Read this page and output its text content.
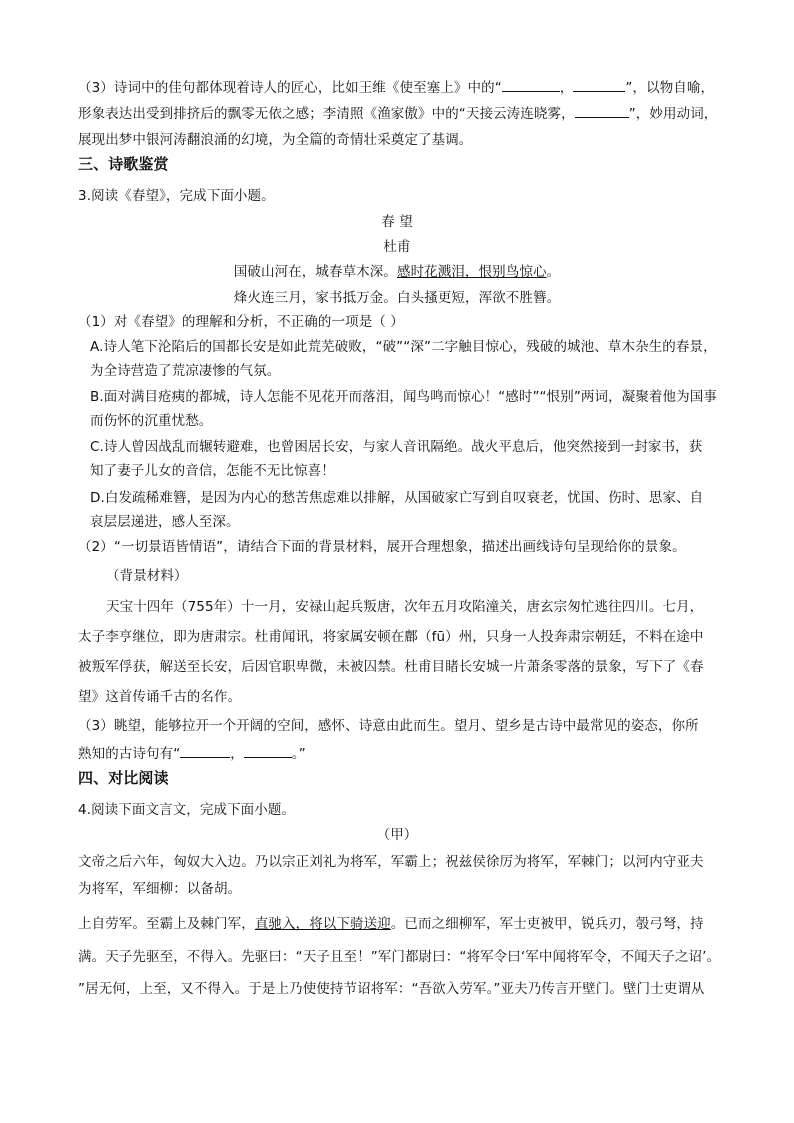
（3）诗词中的佳句都体现着诗人的匠心，比如王维《使至塞上》中的“	，	”，以物自喻，
形象表达出受到排挤后的飘零无依之感；李清照《渔家傲》中的“天接云涛连晓雾，	”，妙用动词，
展现出梦中银河涛翻浪涌的幻境，为全篇的奇情壮采奠定了基调。
三、诗歌鉴赏
3.阅读《春望》，完成下面小题。
春 望
杜甫
国破山河在，城春草木深。感时花溅泪，恨别鸟惊心。
烽火连三月，家书抵万金。白头搔更短，浑欲不胜簪。
（1）对《春望》的理解和分析，不正确的一项是（ ）
A.诗人笔下沦陷后的国都长安是如此荒芜破败，“破”“深”二字触目惊心，残破的城池、草木杂生的春景，
为全诗营造了荒凉凄惨的气氛。
B.面对满目疮痍的都城，诗人怎能不见花开而落泪，闻鸟鸣而惊心！“感时”“恨别”两词，凝聚着他为国事
而伤怀的沉重忧愁。
C.诗人曾因战乱而辗转避难，也曾困居长安，与家人音讯隔绝。战火平息后，他突然接到一封家书，获
知了妻子儿女的音信，怎能不无比惊喜！
D.白发疏稀难簪，是因为内心的愁苦焦虑难以排解，从国破家亡写到自叹衰老，忧国、伤时、思家、自
哀层层递进，感人至深。
（2）“一切景语皆情语”，请结合下面的背景材料，展开合理想象，描述出画线诗句呈现给你的景象。
（背景材料）
天宝十四年（755年）十一月，安禄山起兵叛唐，次年五月攻陷潼关，唐玄宗匆忙逃往四川。七月，
太子李亨继位，即为唐肃宗。杜甫闻讯，将家属安顿在鄜（fū）州，只身一人投奔肃宗朝廷，不料在途中
被叛军俘获，解送至长安，后因官职卑微，未被囚禁。杜甫目睹长安城一片萧条零落的景象，写下了《春
望》这首传诵千古的名作。
（3）眺望，能够拉开一个开阔的空间，感怀、诗意由此而生。望月、望乡是古诗中最常见的姿态，你所
熟知的古诗句有“	，	。”
四、对比阅读
4.阅读下面文言文，完成下面小题。
（甲）
文帝之后六年，匈奴大入边。乃以宗正刘礼为将军，军霸上；祝兹侯徐厉为将军，军棘门；以河内守亚夫
为将军，军细柳：以备胡。
上自劳军。至霸上及棘门军，直驰入，将以下骑送迎。已而之细柳军，军士吏被甲，锐兵刃，彀弓弩，持
满。天子先驱至，不得入。先驱曰：“天子且至！”军门都尉曰：“将军令曰‘军中闻将军令，不闻天子之诏’。
”居无何，上至，又不得入。于是上乃使使持节诏将军：“吾欲入劳军。”亚夫乃传言开壁门。壁门士吏谓从
